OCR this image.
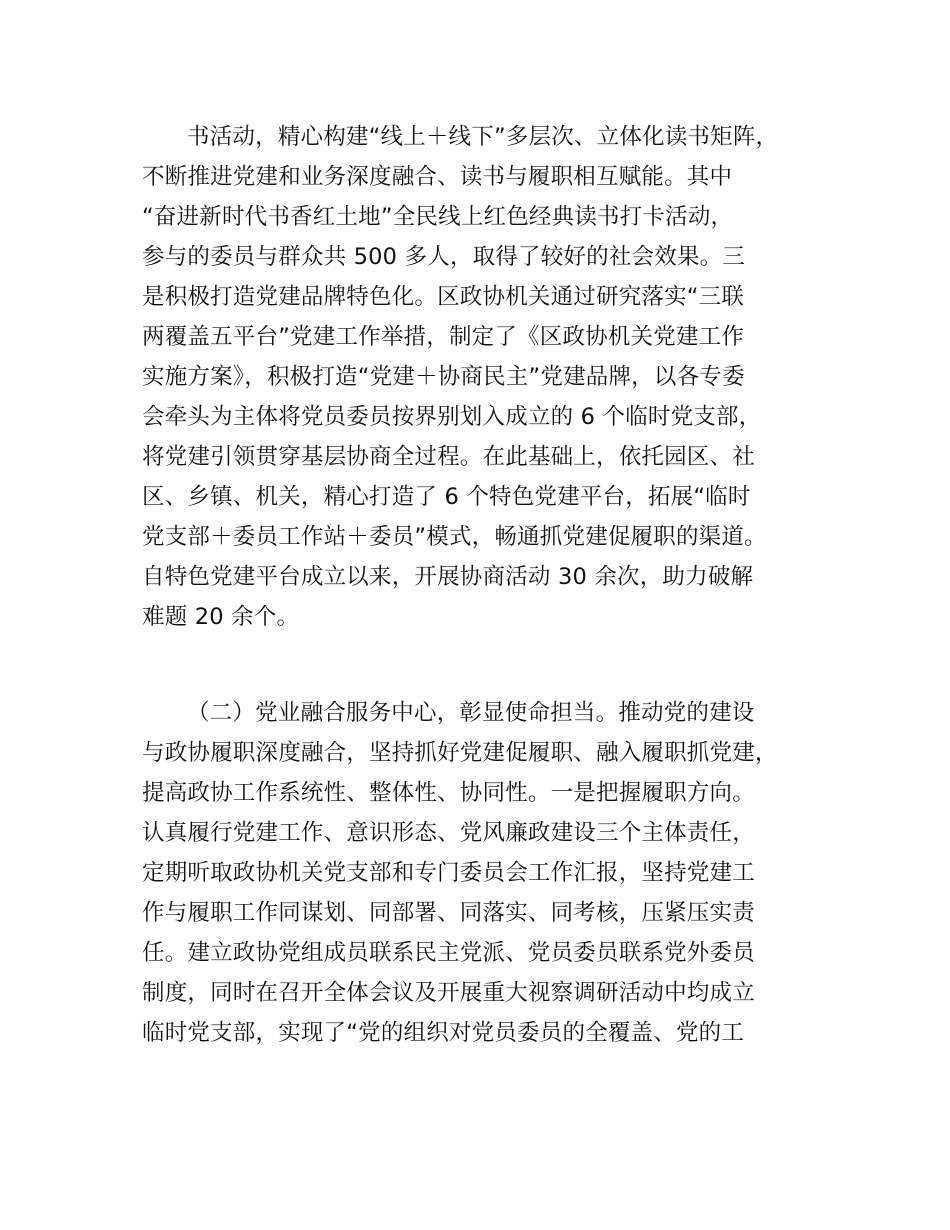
书活动，精心构建“线上＋线下”多层次、立体化读书矩阵，
不断推进党建和业务深度融合、读书与履职相互赋能。其中
“奋进新时代书香红土地”全民线上红色经典读书打卡活动，
参与的委员与群众共 500 多人，取得了较好的社会效果。三
是积极打造党建品牌特色化。区政协机关通过研究落实“三联
两覆盖五平台”党建工作举措，制定了《区政协机关党建工作
实施方案》，积极打造“党建＋协商民主”党建品牌，以各专委
会牵头为主体将党员委员按界别划入成立的 6 个临时党支部，
将党建引领贯穿基层协商全过程。在此基础上，依托园区、社
区、乡镇、机关，精心打造了 6 个特色党建平台，拓展“临时
党支部＋委员工作站＋委员”模式，畅通抓党建促履职的渠道。
自特色党建平台成立以来，开展协商活动 30 余次，助力破解
难题 20 余个。
（二）党业融合服务中心，彰显使命担当。推动党的建设
与政协履职深度融合，坚持抓好党建促履职、融入履职抓党建，
提高政协工作系统性、整体性、协同性。一是把握履职方向。
认真履行党建工作、意识形态、党风廉政建设三个主体责任，
定期听取政协机关党支部和专门委员会工作汇报，坚持党建工
作与履职工作同谋划、同部署、同落实、同考核，压紧压实责
任。建立政协党组成员联系民主党派、党员委员联系党外委员
制度，同时在召开全体会议及开展重大视察调研活动中均成立
临时党支部，实现了“党的组织对党员委员的全覆盖、党的工
